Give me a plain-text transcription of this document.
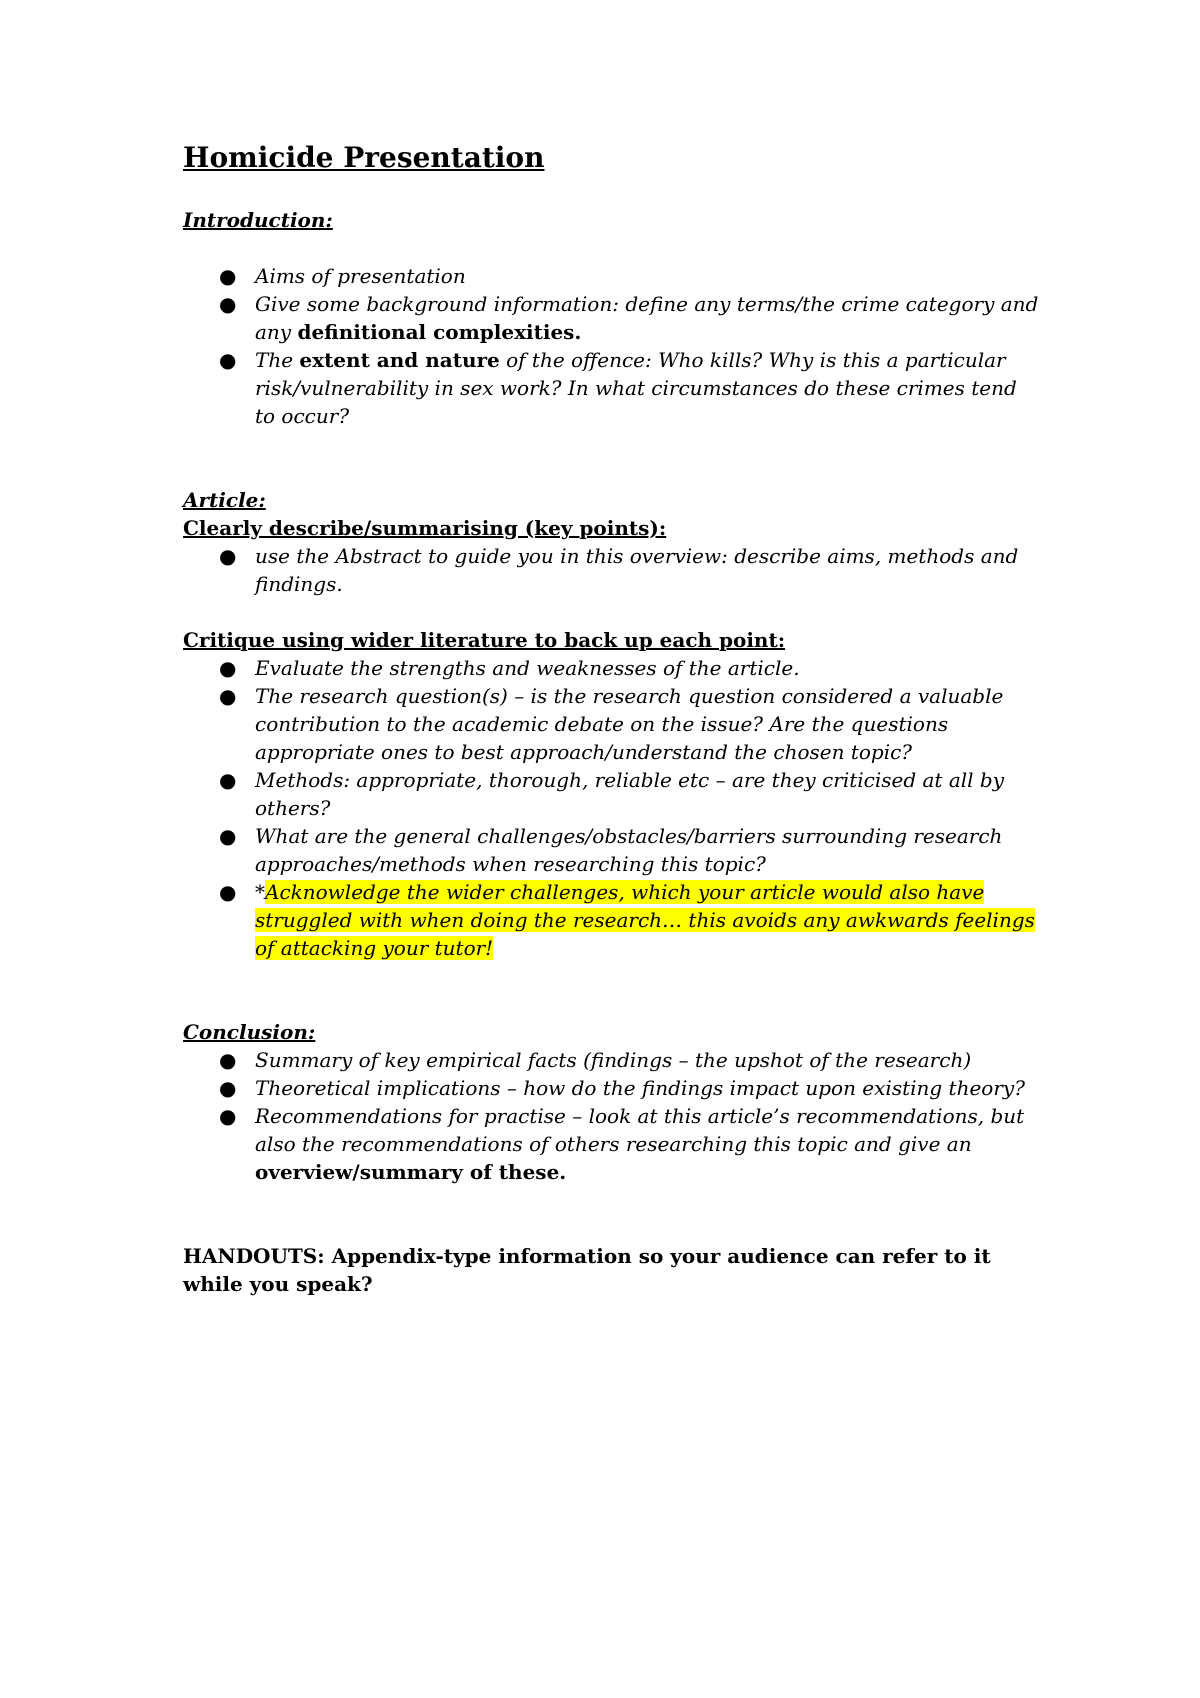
Homicide Presentation

Introduction:

● Aims of presentation
● Give some background information: define any terms/the crime category and any definitional complexities.
● The extent and nature of the offence: Who kills? Why is this a particular risk/vulnerability in sex work? In what circumstances do these crimes tend to occur?

Article:

Clearly describe/summarising (key points):

● use the Abstract to guide you in this overview: describe aims, methods and findings.

Critique using wider literature to back up each point:

● Evaluate the strengths and weaknesses of the article.
● The research question(s) – is the research question considered a valuable contribution to the academic debate on the issue? Are the questions appropriate ones to best approach/understand the chosen topic?
● Methods: appropriate, thorough, reliable etc – are they criticised at all by others?
● What are the general challenges/obstacles/barriers surrounding research approaches/methods when researching this topic?
● *Acknowledge the wider challenges, which your article would also have struggled with when doing the research… this avoids any awkwards feelings of attacking your tutor!

Conclusion:

● Summary of key empirical facts (findings – the upshot of the research)
● Theoretical implications – how do the findings impact upon existing theory?
● Recommendations for practise – look at this article’s recommendations, but also the recommendations of others researching this topic and give an overview/summary of these.

HANDOUTS: Appendix-type information so your audience can refer to it while you speak?
